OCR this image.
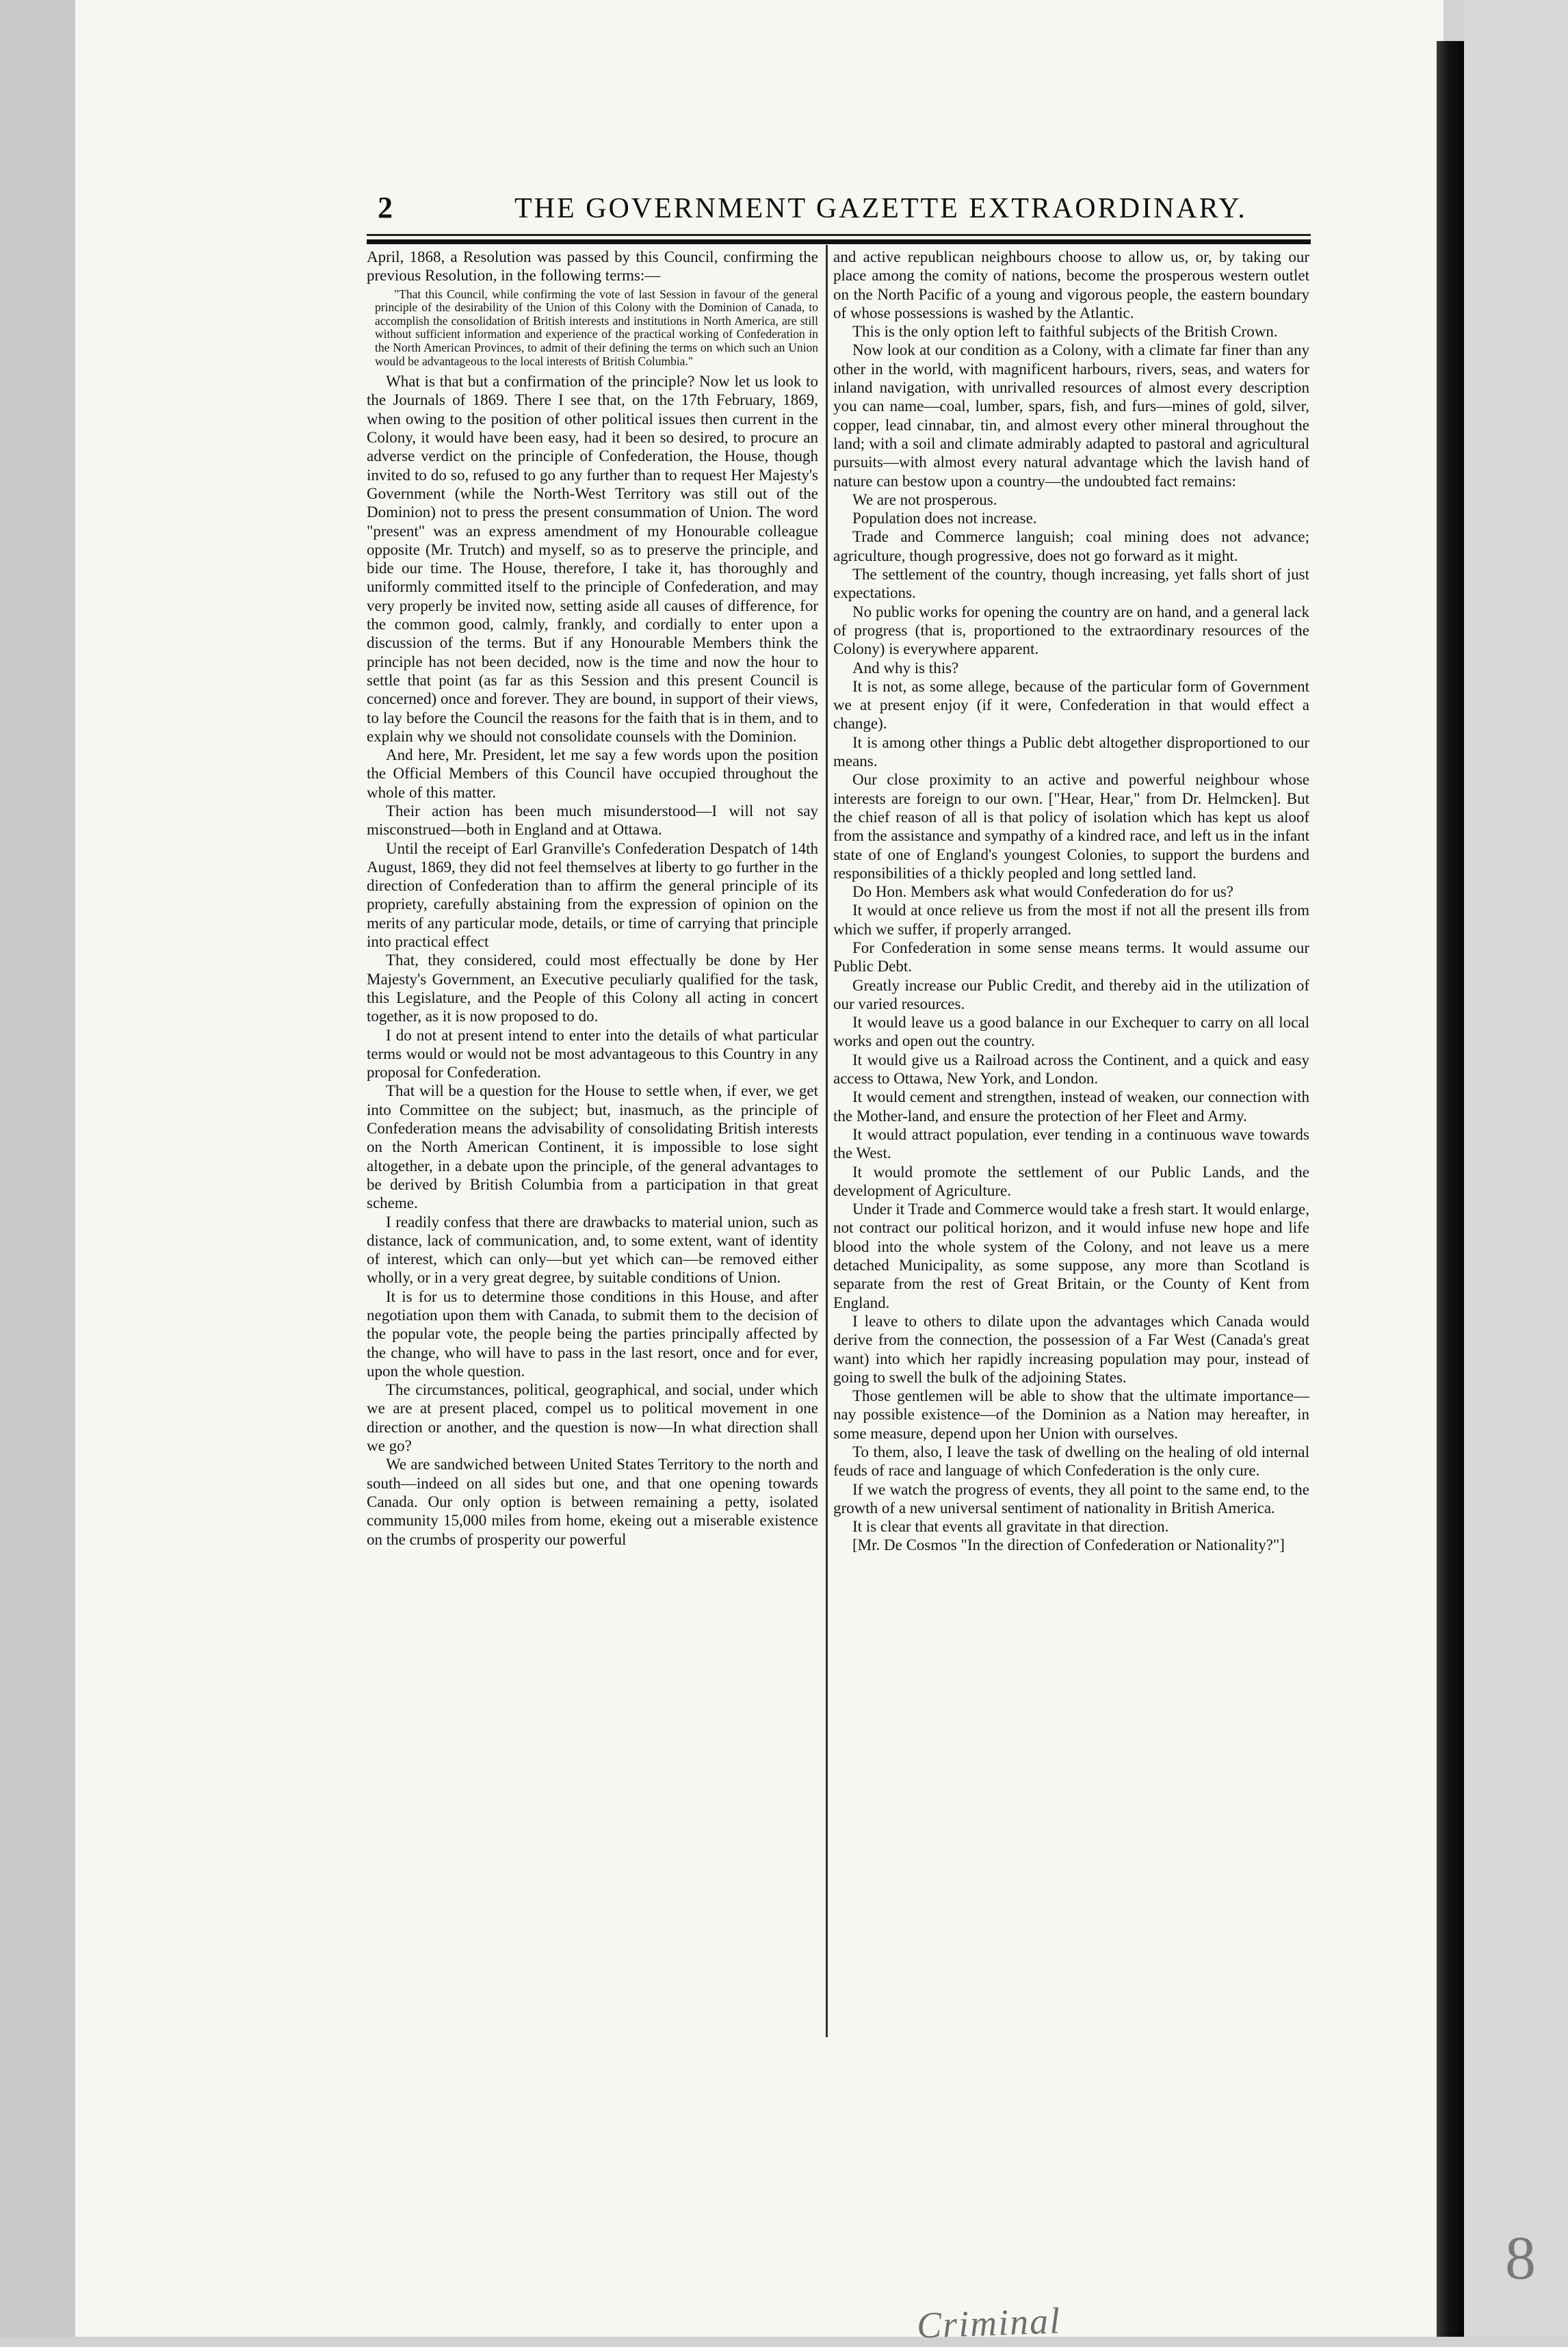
8
Criminal
2	THE GOVERNMENT GAZETTE EXTRAORDINARY.

April, 1868, a Resolution was passed by this Council, confirming the previous Resolution, in the following terms:—

"That this Council, while confirming the vote of last Session in favour of the general principle of the desirability of the Union of this Colony with the Dominion of Canada, to accomplish the consolidation of British interests and institutions in North America, are still without sufficient information and experience of the practical working of Confederation in the North American Provinces, to admit of their defining the terms on which such an Union would be advantageous to the local interests of British Columbia."

What is that but a confirmation of the principle? Now let us look to the Journals of 1869. There I see that, on the 17th February, 1869, when owing to the position of other political issues then current in the Colony, it would have been easy, had it been so desired, to procure an adverse verdict on the principle of Confederation, the House, though invited to do so, refused to go any further than to request Her Majesty's Government (while the North-West Territory was still out of the Dominion) not to press the present consummation of Union. The word "present" was an express amendment of my Honourable colleague opposite (Mr. Trutch) and myself, so as to preserve the principle, and bide our time. The House, therefore, I take it, has thoroughly and uniformly committed itself to the principle of Confederation, and may very properly be invited now, setting aside all causes of difference, for the common good, calmly, frankly, and cordially to enter upon a discussion of the terms. But if any Honourable Members think the principle has not been decided, now is the time and now the hour to settle that point (as far as this Session and this present Council is concerned) once and forever. They are bound, in support of their views, to lay before the Council the reasons for the faith that is in them, and to explain why we should not consolidate counsels with the Dominion.

And here, Mr. President, let me say a few words upon the position the Official Members of this Council have occupied throughout the whole of this matter.

Their action has been much misunderstood—I will not say misconstrued—both in England and at Ottawa.

Until the receipt of Earl Granville's Confederation Despatch of 14th August, 1869, they did not feel themselves at liberty to go further in the direction of Confederation than to affirm the general principle of its propriety, carefully abstaining from the expression of opinion on the merits of any particular mode, details, or time of carrying that principle into practical effect

That, they considered, could most effectually be done by Her Majesty's Government, an Executive peculiarly qualified for the task, this Legislature, and the People of this Colony all acting in concert together, as it is now proposed to do.

I do not at present intend to enter into the details of what particular terms would or would not be most advantageous to this Country in any proposal for Confederation.

That will be a question for the House to settle when, if ever, we get into Committee on the subject; but, inasmuch, as the principle of Confederation means the advisability of consolidating British interests on the North American Continent, it is impossible to lose sight altogether, in a debate upon the principle, of the general advantages to be derived by British Columbia from a participation in that great scheme.

I readily confess that there are drawbacks to material union, such as distance, lack of communication, and, to some extent, want of identity of interest, which can only—but yet which can—be removed either wholly, or in a very great degree, by suitable conditions of Union.

It is for us to determine those conditions in this House, and after negotiation upon them with Canada, to submit them to the decision of the popular vote, the people being the parties principally affected by the change, who will have to pass in the last resort, once and for ever, upon the whole question.

The circumstances, political, geographical, and social, under which we are at present placed, compel us to political movement in one direction or another, and the question is now—In what direction shall we go?

We are sandwiched between United States Territory to the north and south—indeed on all sides but one, and that one opening towards Canada. Our only option is between remaining a petty, isolated community 15,000 miles from home, ekeing out a miserable existence on the crumbs of prosperity our powerful

and active republican neighbours choose to allow us, or, by taking our place among the comity of nations, become the prosperous western outlet on the North Pacific of a young and vigorous people, the eastern boundary of whose possessions is washed by the Atlantic.

This is the only option left to faithful subjects of the British Crown.

Now look at our condition as a Colony, with a climate far finer than any other in the world, with magnificent harbours, rivers, seas, and waters for inland navigation, with unrivalled resources of almost every description you can name—coal, lumber, spars, fish, and furs—mines of gold, silver, copper, lead cinnabar, tin, and almost every other mineral throughout the land; with a soil and climate admirably adapted to pastoral and agricultural pursuits—with almost every natural advantage which the lavish hand of nature can bestow upon a country—the undoubted fact remains:

We are not prosperous.

Population does not increase.

Trade and Commerce languish; coal mining does not advance; agriculture, though progressive, does not go forward as it might.

The settlement of the country, though increasing, yet falls short of just expectations.

No public works for opening the country are on hand, and a general lack of progress (that is, proportioned to the extraordinary resources of the Colony) is everywhere apparent.

And why is this?

It is not, as some allege, because of the particular form of Government we at present enjoy (if it were, Confederation in that would effect a change).

It is among other things a Public debt altogether disproportioned to our means.

Our close proximity to an active and powerful neighbour whose interests are foreign to our own. ["Hear, Hear," from Dr. Helmcken]. But the chief reason of all is that policy of isolation which has kept us aloof from the assistance and sympathy of a kindred race, and left us in the infant state of one of England's youngest Colonies, to support the burdens and responsibilities of a thickly peopled and long settled land.

Do Hon. Members ask what would Confederation do for us?

It would at once relieve us from the most if not all the present ills from which we suffer, if properly arranged.

For Confederation in some sense means terms. It would assume our Public Debt.

Greatly increase our Public Credit, and thereby aid in the utilization of our varied resources.

It would leave us a good balance in our Exchequer to carry on all local works and open out the country.

It would give us a Railroad across the Continent, and a quick and easy access to Ottawa, New York, and London.

It would cement and strengthen, instead of weaken, our connection with the Mother-land, and ensure the protection of her Fleet and Army.

It would attract population, ever tending in a continuous wave towards the West.

It would promote the settlement of our Public Lands, and the development of Agriculture.

Under it Trade and Commerce would take a fresh start. It would enlarge, not contract our political horizon, and it would infuse new hope and life blood into the whole system of the Colony, and not leave us a mere detached Municipality, as some suppose, any more than Scotland is separate from the rest of Great Britain, or the County of Kent from England.

I leave to others to dilate upon the advantages which Canada would derive from the connection, the possession of a Far West (Canada's great want) into which her rapidly increasing population may pour, instead of going to swell the bulk of the adjoining States.

Those gentlemen will be able to show that the ultimate importance—nay possible existence—of the Dominion as a Nation may hereafter, in some measure, depend upon her Union with ourselves.

To them, also, I leave the task of dwelling on the healing of old internal feuds of race and language of which Confederation is the only cure.

If we watch the progress of events, they all point to the same end, to the growth of a new universal sentiment of nationality in British America.

It is clear that events all gravitate in that direction.

[Mr. De Cosmos "In the direction of Confederation or Nationality?"]
